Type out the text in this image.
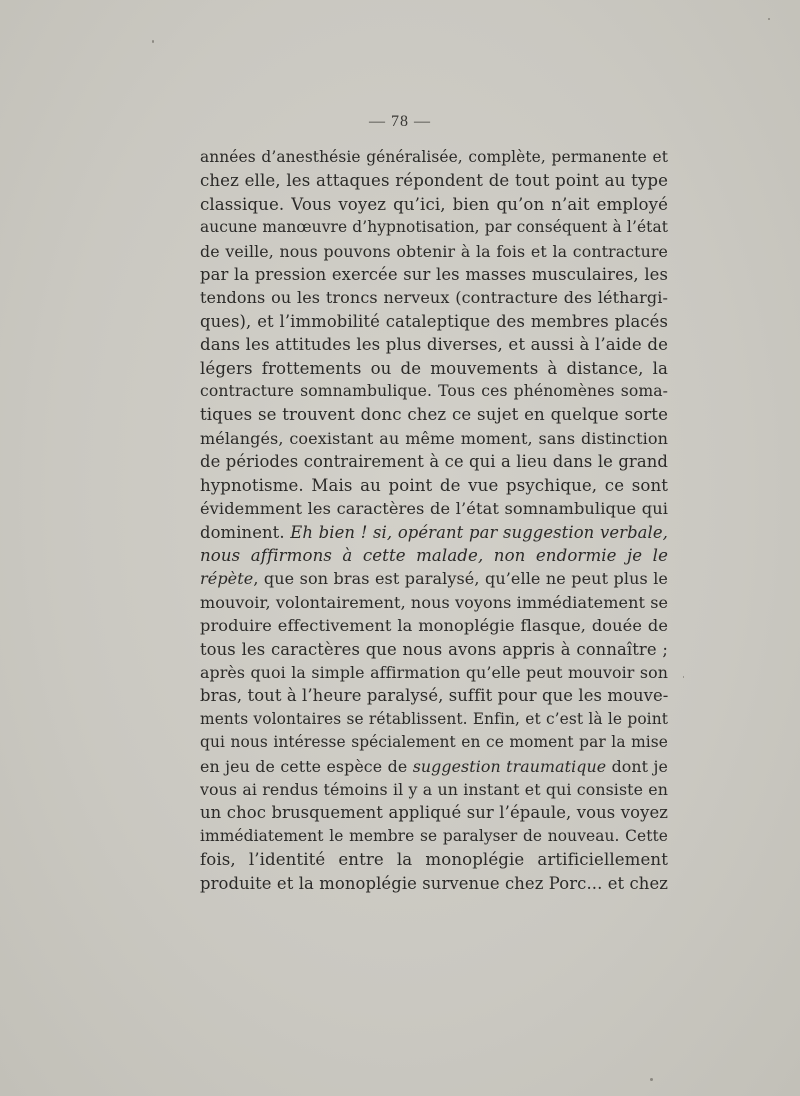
— 78 —
années d’anesthésie généralisée, complète, permanente et
chez elle, les attaques répondent de tout point au type
classique. Vous voyez qu’ici, bien qu’on n’ait employé
aucune manœuvre d’hypnotisation, par conséquent à l’état
de veille, nous pouvons obtenir à la fois et la contracture
par la pression exercée sur les masses musculaires, les
tendons ou les troncs nerveux (contracture des léthargi-
ques), et l’immobilité cataleptique des membres placés
dans les attitudes les plus diverses, et aussi à l’aide de
légers frottements ou de mouvements à distance, la
contracture somnambulique. Tous ces phénomènes soma-
tiques se trouvent donc chez ce sujet en quelque sorte
mélangés, coexistant au même moment, sans distinction
de périodes contrairement à ce qui a lieu dans le grand
hypnotisme. Mais au point de vue psychique, ce sont
évidemment les caractères de l’état somnambulique qui
dominent. Eh bien ! si, opérant par suggestion verbale,
nous affirmons à cette malade, non endormie je le
répète, que son bras est paralysé, qu’elle ne peut plus le
mouvoir, volontairement, nous voyons immédiatement se
produire effectivement la monoplégie flasque, douée de
tous les caractères que nous avons appris à connaître ;
après quoi la simple affirmation qu’elle peut mouvoir son
bras, tout à l’heure paralysé, suffit pour que les mouve-
ments volontaires se rétablissent. Enfin, et c’est là le point
qui nous intéresse spécialement en ce moment par la mise
en jeu de cette espèce de suggestion traumatique dont je
vous ai rendus témoins il y a un instant et qui consiste en
un choc brusquement appliqué sur l’épaule, vous voyez
immédiatement le membre se paralyser de nouveau. Cette
fois, l’identité entre la monoplégie artificiellement
produite et la monoplégie survenue chez Porc... et chez
